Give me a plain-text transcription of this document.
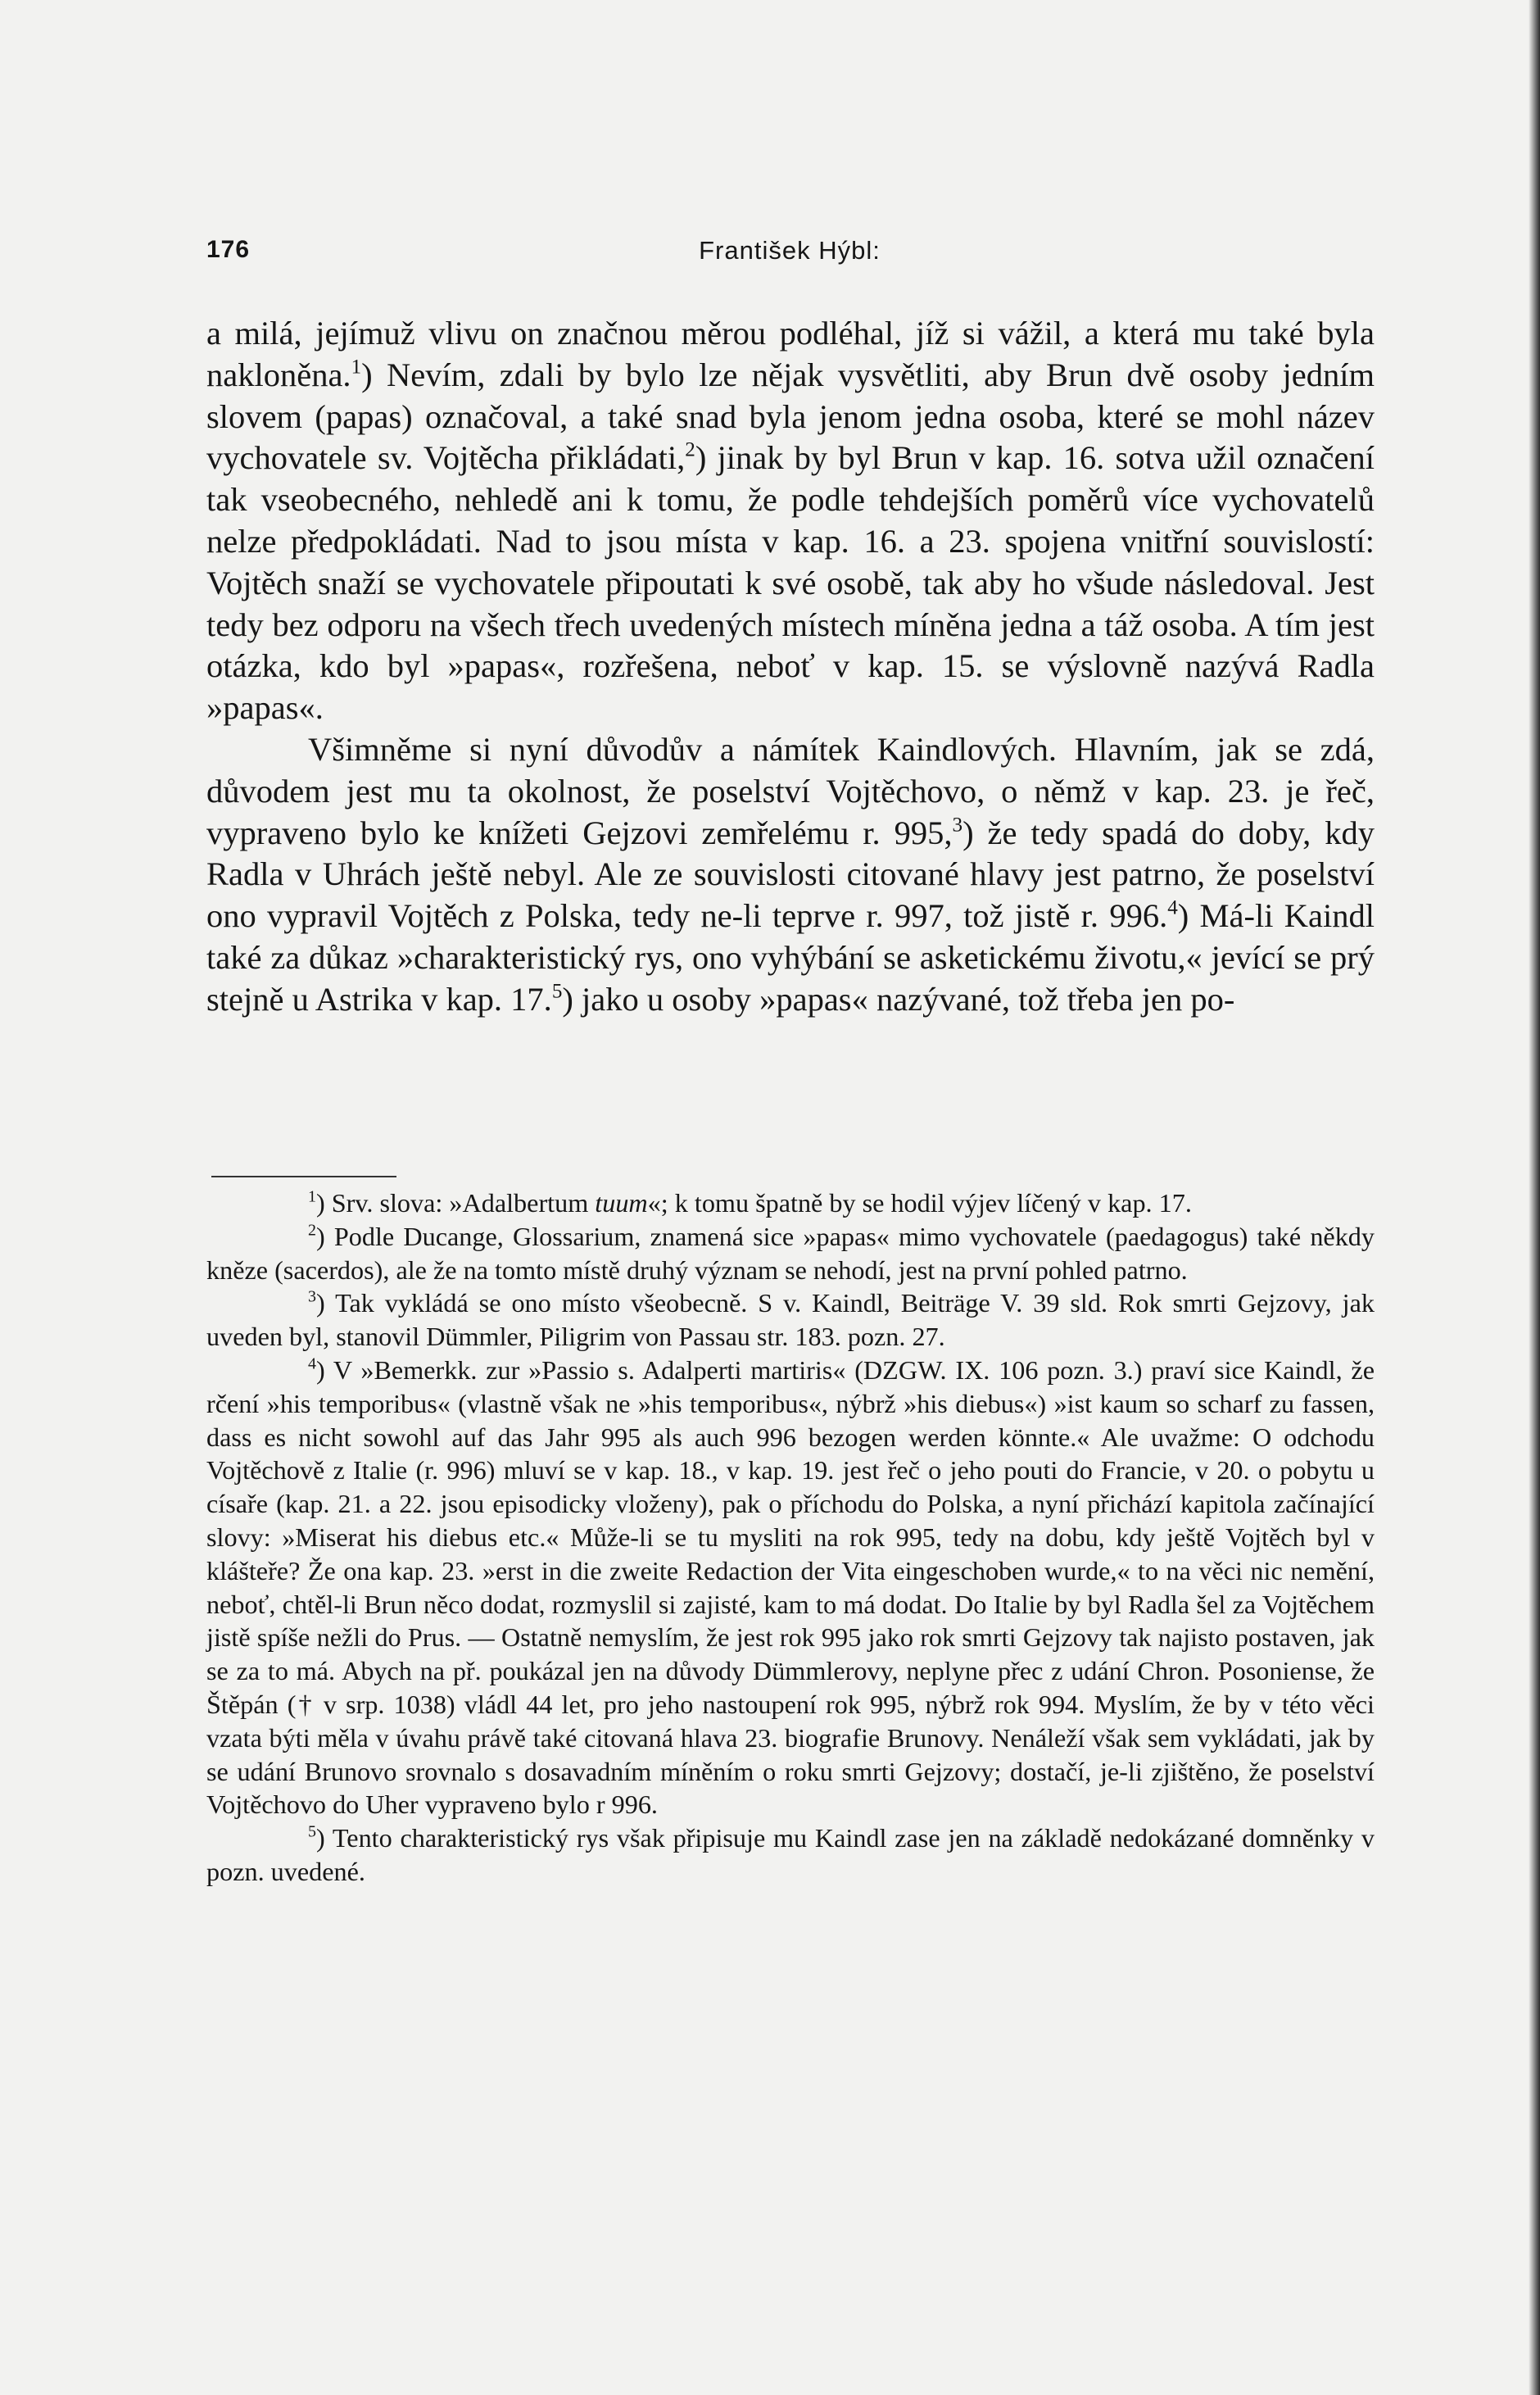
176	František Hýbl:

a milá, jejímuž vlivu on značnou měrou podléhal, jíž si vážil, a která mu také byla nakloněna.$^1$) Nevím, zdali by bylo lze nějak vysvětliti, aby Brun dvě osoby jedním slovem (papas) označoval, a také snad byla jenom jedna osoba, které se mohl název vychovatele sv. Vojtěcha přikládati,$^2$) jinak by byl Brun v kap. 16. sotva užil označení tak vseobecného, nehledě ani k tomu, že podle tehdejších poměrů více vychovatelů nelze předpokládati. Nad to jsou místa v kap. 16. a 23. spojena vnitřní souvislostí: Vojtěch snaží se vychovatele připoutati k své osobě, tak aby ho všude následoval. Jest tedy bez odporu na všech třech uvedených místech míněna jedna a táž osoba. A tím jest otázka, kdo byl »papas«, rozřešena, neboť v kap. 15. se výslovně nazývá Radla »papas«.

Všimněme si nyní důvodův a námítek Kaindlových. Hlavním, jak se zdá, důvodem jest mu ta okolnost, že poselství Vojtěchovo, o němž v kap. 23. je řeč, vypraveno bylo ke knížeti Gejzovi zemřelému r. 995,$^3$) že tedy spadá do doby, kdy Radla v Uhrách ještě nebyl. Ale ze souvislosti citované hlavy jest patrno, že poselství ono vypravil Vojtěch z Polska, tedy ne-li teprve r. 997, tož jistě r. 996.$^4$) Má-li Kaindl také za důkaz »charakteristický rys, ono vyhýbání se asketickému životu,« jevící se prý stejně u Astrika v kap. 17.$^5$) jako u osoby »papas« nazývané, tož třeba jen po-

$^1$) Srv. slova: »Adalbertum tuum«; k tomu špatně by se hodil výjev líčený v kap. 17.

$^2$) Podle Ducange, Glossarium, znamená sice »papas« mimo vychovatele (paedagogus) také někdy kněze (sacerdos), ale že na tomto místě druhý význam se nehodí, jest na první pohled patrno.

$^3$) Tak vykládá se ono místo všeobecně. S v. Kaindl, Beiträge V. 39 sld. Rok smrti Gejzovy, jak uveden byl, stanovil Dümmler, Piligrim von Passau str. 183. pozn. 27.

$^4$) V »Bemerkk. zur »Passio s. Adalperti martiris« (DZGW. IX. 106 pozn. 3.) praví sice Kaindl, že rčení »his temporibus« (vlastně však ne »his temporibus«, nýbrž »his diebus«) »ist kaum so scharf zu fassen, dass es nicht sowohl auf das Jahr 995 als auch 996 bezogen werden könnte.« Ale uvažme: O odchodu Vojtěchově z Italie (r. 996) mluví se v kap. 18., v kap. 19. jest řeč o jeho pouti do Francie, v 20. o pobytu u císaře (kap. 21. a 22. jsou episodicky vloženy), pak o příchodu do Polska, a nyní přichází kapitola začínající slovy: »Miserat his diebus etc.« Může-li se tu mysliti na rok 995, tedy na dobu, kdy ještě Vojtěch byl v klášteře? Že ona kap. 23. »erst in die zweite Redaction der Vita eingeschoben wurde,« to na věci nic nemění, neboť, chtěl-li Brun něco dodat, rozmyslil si zajisté, kam to má dodat. Do Italie by byl Radla šel za Vojtěchem jistě spíše nežli do Prus. — Ostatně nemyslím, že jest rok 995 jako rok smrti Gejzovy tak najisto postaven, jak se za to má. Abych na př. poukázal jen na důvody Dümmlerovy, neplyne přec z udání Chron. Posoniense, že Štěpán († v srp. 1038) vládl 44 let, pro jeho nastoupení rok 995, nýbrž rok 994. Myslím, že by v této věci vzata býti měla v úvahu právě také citovaná hlava 23. biografie Brunovy. Nenáleží však sem vykládati, jak by se udání Brunovo srovnalo s dosavadním míněním o roku smrti Gejzovy; dostačí, je-li zjištěno, že poselství Vojtěchovo do Uher vypraveno bylo r 996.

$^5$) Tento charakteristický rys však připisuje mu Kaindl zase jen na základě nedokázané domněnky v pozn. uvedené.
